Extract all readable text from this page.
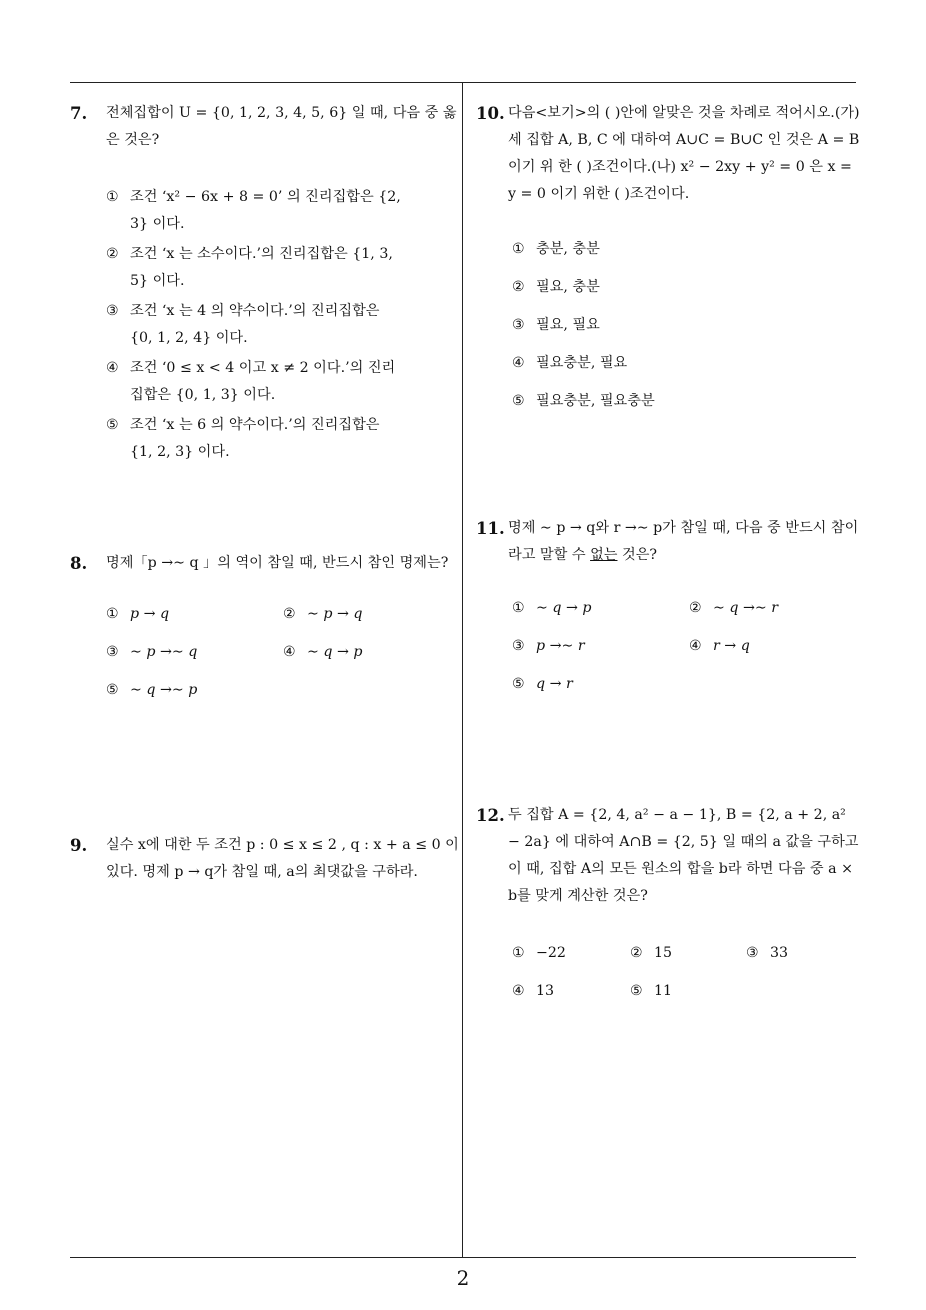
7. 전체집합이 U = {0, 1, 2, 3, 4, 5, 6} 일 때, 다음 중 옳은 것은?
① 조건 ‘x² − 6x + 8 = 0’ 의 진리집합은 {2, 3} 이다.
② 조건 ‘x 는 소수이다.’의 진리집합은 {1, 3, 5} 이다.
③ 조건 ‘x 는 4 의 약수이다.’의 진리집합은 {0, 1, 2, 4} 이다.
④ 조건 ‘0 ≤ x < 4 이고 x ≠ 2 이다.’의 진리집합은 {0, 1, 3} 이다.
⑤ 조건 ‘x 는 6 의 약수이다.’의 진리집합은 {1, 2, 3} 이다.
8. 명제「p →∼ q 」의 역이 참일 때, 반드시 참인 명제는?
① p → q	② ∼ p → q
③ ∼ p →∼ q	④ ∼ q → p
⑤ ∼ q →∼ p
9. 실수 x에 대한 두 조건 p : 0 ≤ x ≤ 2 , q : x + a ≤ 0 이 있다. 명제 p → q가 참일 때, a의 최댓값을 구하라.
10. 다음<보기>의 ( )안에 알맞은 것을 차례로 적어시오.(가) 세 집합 A, B, C 에 대하여 A∪C = B∪C 인 것은 A = B 이기 위 한 ( )조건이다.(나) x² − 2xy + y² = 0 은 x = y = 0 이기 위한 ( )조건이다.
① 충분, 충분
② 필요, 충분
③ 필요, 필요
④ 필요충분, 필요
⑤ 필요충분, 필요충분
11. 명제 ∼ p → q와 r →∼ p가 참일 때, 다음 중 반드시 참이라고 말할 수 없는 것은?
① ∼ q → p	② ∼ q →∼ r
③ p →∼ r	④ r → q
⑤ q → r
12. 두 집합 A = {2, 4, a² − a − 1}, B = {2, a + 2, a² − 2a} 에 대하여 A∩B = {2, 5} 일 때의 a 값을 구하고 이 때, 집합 A의 모든 원소의 합을 b라 하면 다음 중 a × b를 맞게 계산한 것은?
① −22	② 15	③ 33
④ 13	⑤ 11
2
